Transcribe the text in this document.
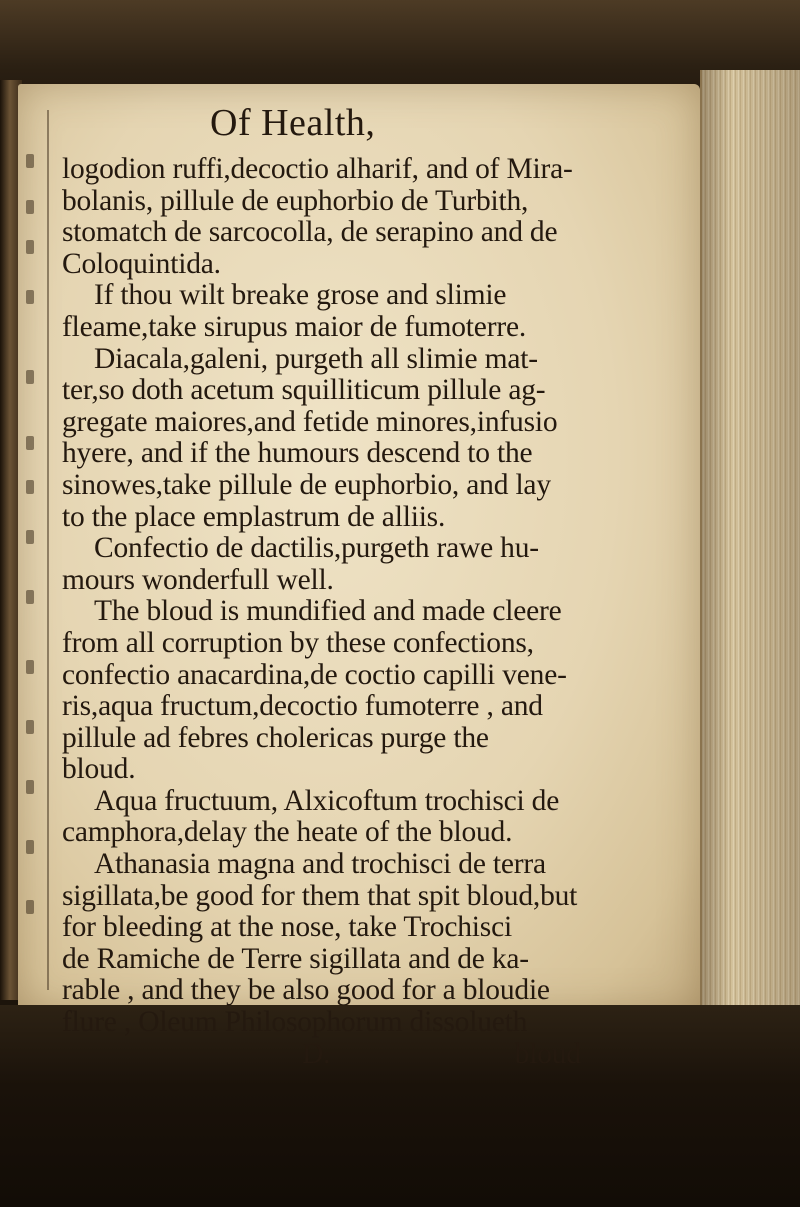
Of Health,
logodion ruffi,decoctio alharif, and of Mira-
bolanis, pillule de euphorbio de Turbith,
stomatch de sarcocolla, de serapino and de
Coloquintida.
If thou wilt breake grose and slimie
fleame,take sirupus maior de fumoterre.
Diacala,galeni, purgeth all slimie mat-
ter,so doth acetum squilliticum pillule ag-
gregate maiores,and fetide minores,infusio
hyere, and if the humours descend to the
sinowes,take pillule de euphorbio, and lay
to the place emplastrum de alliis.
Confectio de dactilis,purgeth rawe hu-
mours wonderfull well.
The bloud is mundified and made cleere
from all corruption by these confections,
confectio anacardina,de coctio capilli vene-
ris,aqua fructum,decoctio fumoterre , and
pillule ad febres cholericas purge the
bloud.
Aqua fructuum, Alxicoftum trochisci de
camphora,delay the heate of the bloud.
Athanasia magna and trochisci de terra
sigillata,be good for them that spit bloud,but
for bleeding at the nose, take Trochisci
de Ramiche de Terre sigillata and de ka-
rable , and they be also good for a bloudie
flure , Oleum Philosophorum dissolueth
D.	bloud
